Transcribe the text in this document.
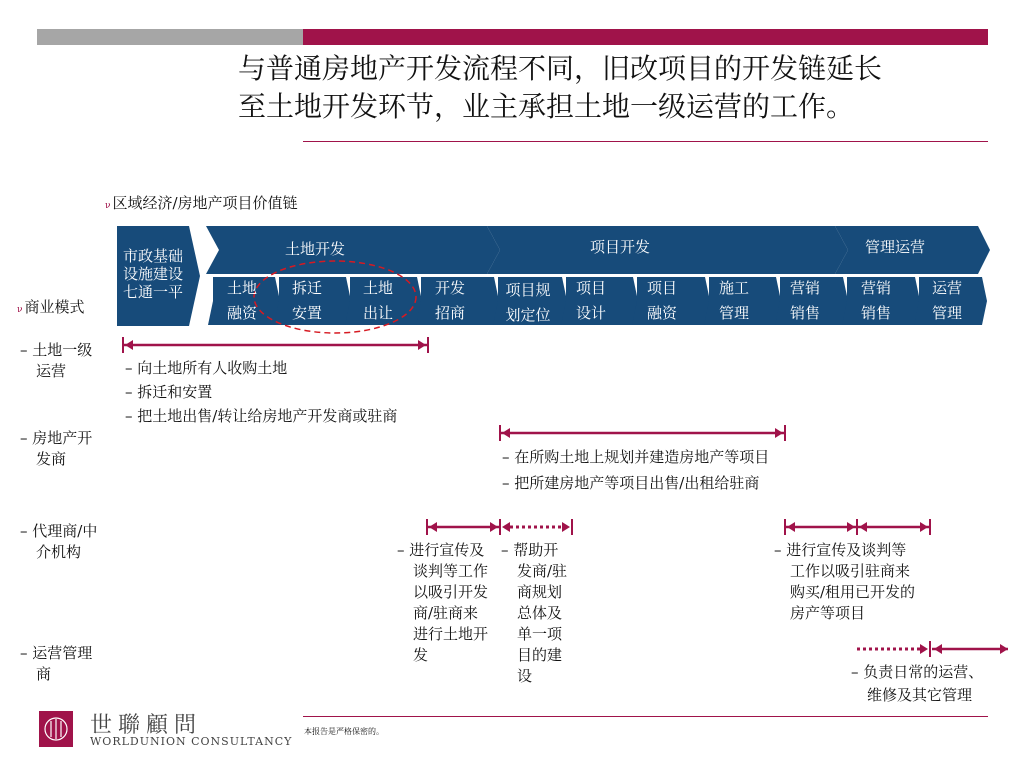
与普通房地产开发流程不同，旧改项目的开发链延长
至土地开发环节，业主承担土地一级运营的工作。
ν 区域经济/房地产项目价值链
ν 商业模式
市政基础
设施建设
七通一平
土地开发	项目开发	管理运营
土地
融资
拆迁
安置
土地
出让
开发
招商
项目规
划定位
项目
设计
项目
融资
施工
管理
营销
销售
营销
销售
运营
管理
– 土地一级
运营
– 房地产开
发商
– 代理商/中
介机构
– 运营管理
商
– 向土地所有人收购土地
– 拆迁和安置
– 把土地出售/转让给房地产开发商或驻商
– 在所购土地上规划并建造房地产等项目
– 把所建房地产等项目出售/出租给驻商
– 进行宣传及
谈判等工作
以吸引开发
商/驻商来
进行土地开
发
– 帮助开
发商/驻
商规划
总体及
单一项
目的建
设
– 进行宣传及谈判等
工作以吸引驻商来
购买/租用已开发的
房产等项目
– 负责日常的运营、
维修及其它管理
世聯顧問
WORLDUNION CONSULTANCY
本报告是严格保密的。
